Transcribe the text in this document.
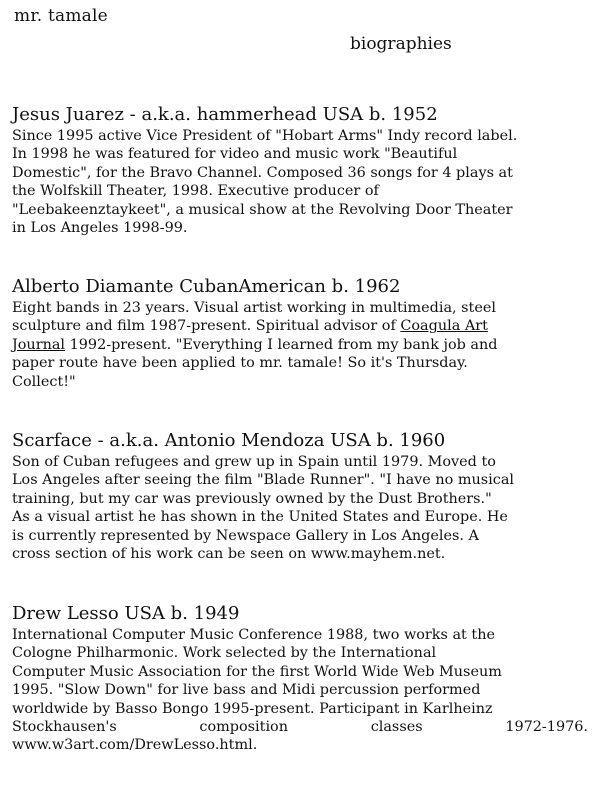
mr. tamale
biographies
Jesus Juarez - a.k.a. hammerhead USA b. 1952
Since 1995 active Vice President of "Hobart Arms" Indy record label.
In 1998 he was featured for video and music work "Beautiful
Domestic", for the Bravo Channel. Composed 36 songs for 4 plays at
the Wolfskill Theater, 1998. Executive producer of
"Leebakeenztaykeet", a musical show at the Revolving Door Theater
in Los Angeles 1998-99.
Alberto Diamante CubanAmerican b. 1962
Eight bands in 23 years. Visual artist working in multimedia, steel
sculpture and film 1987-present. Spiritual advisor of Coagula Art
Journal 1992-present. "Everything I learned from my bank job and
paper route have been applied to mr. tamale! So it's Thursday.
Collect!"
Scarface - a.k.a. Antonio Mendoza USA b. 1960
Son of Cuban refugees and grew up in Spain until 1979. Moved to
Los Angeles after seeing the film "Blade Runner". "I have no musical
training, but my car was previously owned by the Dust Brothers."
As a visual artist he has shown in the United States and Europe. He
is currently represented by Newspace Gallery in Los Angeles. A
cross section of his work can be seen on www.mayhem.net.
Drew Lesso USA b. 1949
International Computer Music Conference 1988, two works at the
Cologne Philharmonic. Work selected by the International
Computer Music Association for the first World Wide Web Museum
1995. "Slow Down" for live bass and Midi percussion performed
worldwide by Basso Bongo 1995-present. Participant in Karlheinz
Stockhausen's	composition	classes	1972-1976.
www.w3art.com/DrewLesso.html.
